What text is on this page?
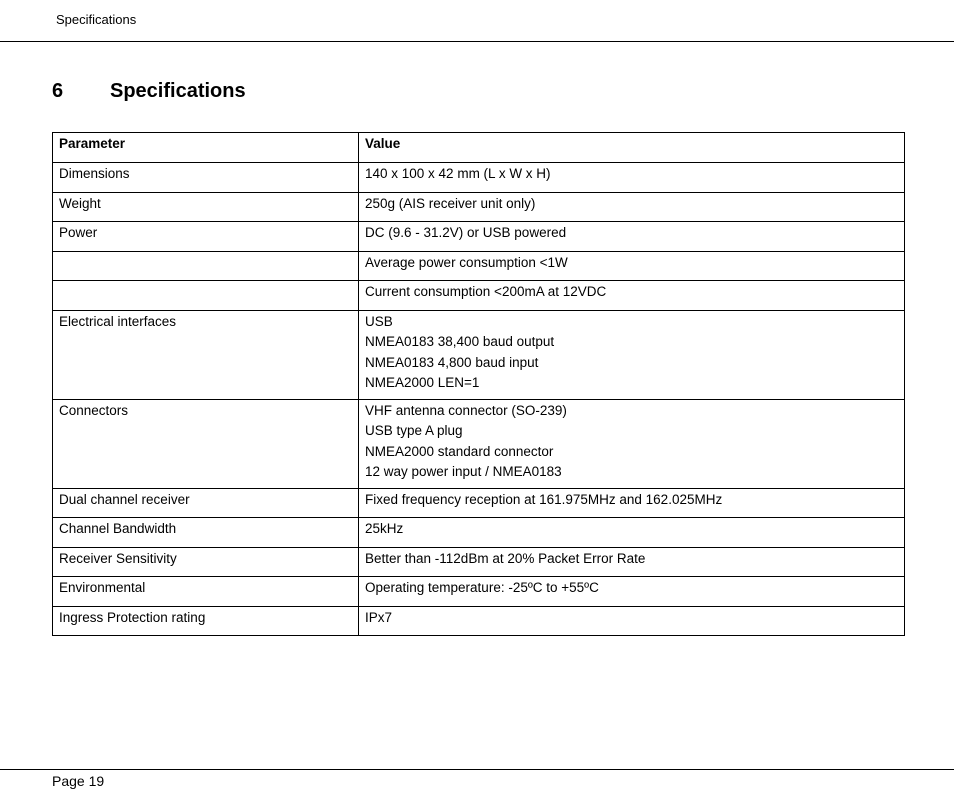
Specifications
6	Specifications
Parameter	Value
Dimensions	140 x 100 x 42 mm (L x W x H)

Weight	250g (AIS receiver unit only)

Power	DC (9.6 - 31.2V) or USB powered

	Average power consumption <1W

	Current consumption <200mA at 12VDC

Electrical interfaces	USB
NMEA0183 38,400 baud output
NMEA0183 4,800 baud input
NMEA2000 LEN=1

Connectors	VHF antenna connector (SO-239)
USB type A plug
NMEA2000 standard connector
12 way power input / NMEA0183

Dual channel receiver	Fixed frequency reception at 161.975MHz and 162.025MHz

Channel Bandwidth	25kHz

Receiver Sensitivity	Better than -112dBm at 20% Packet Error Rate

Environmental	Operating temperature: -25ºC to +55ºC

Ingress Protection rating	IPx7
Page 19
